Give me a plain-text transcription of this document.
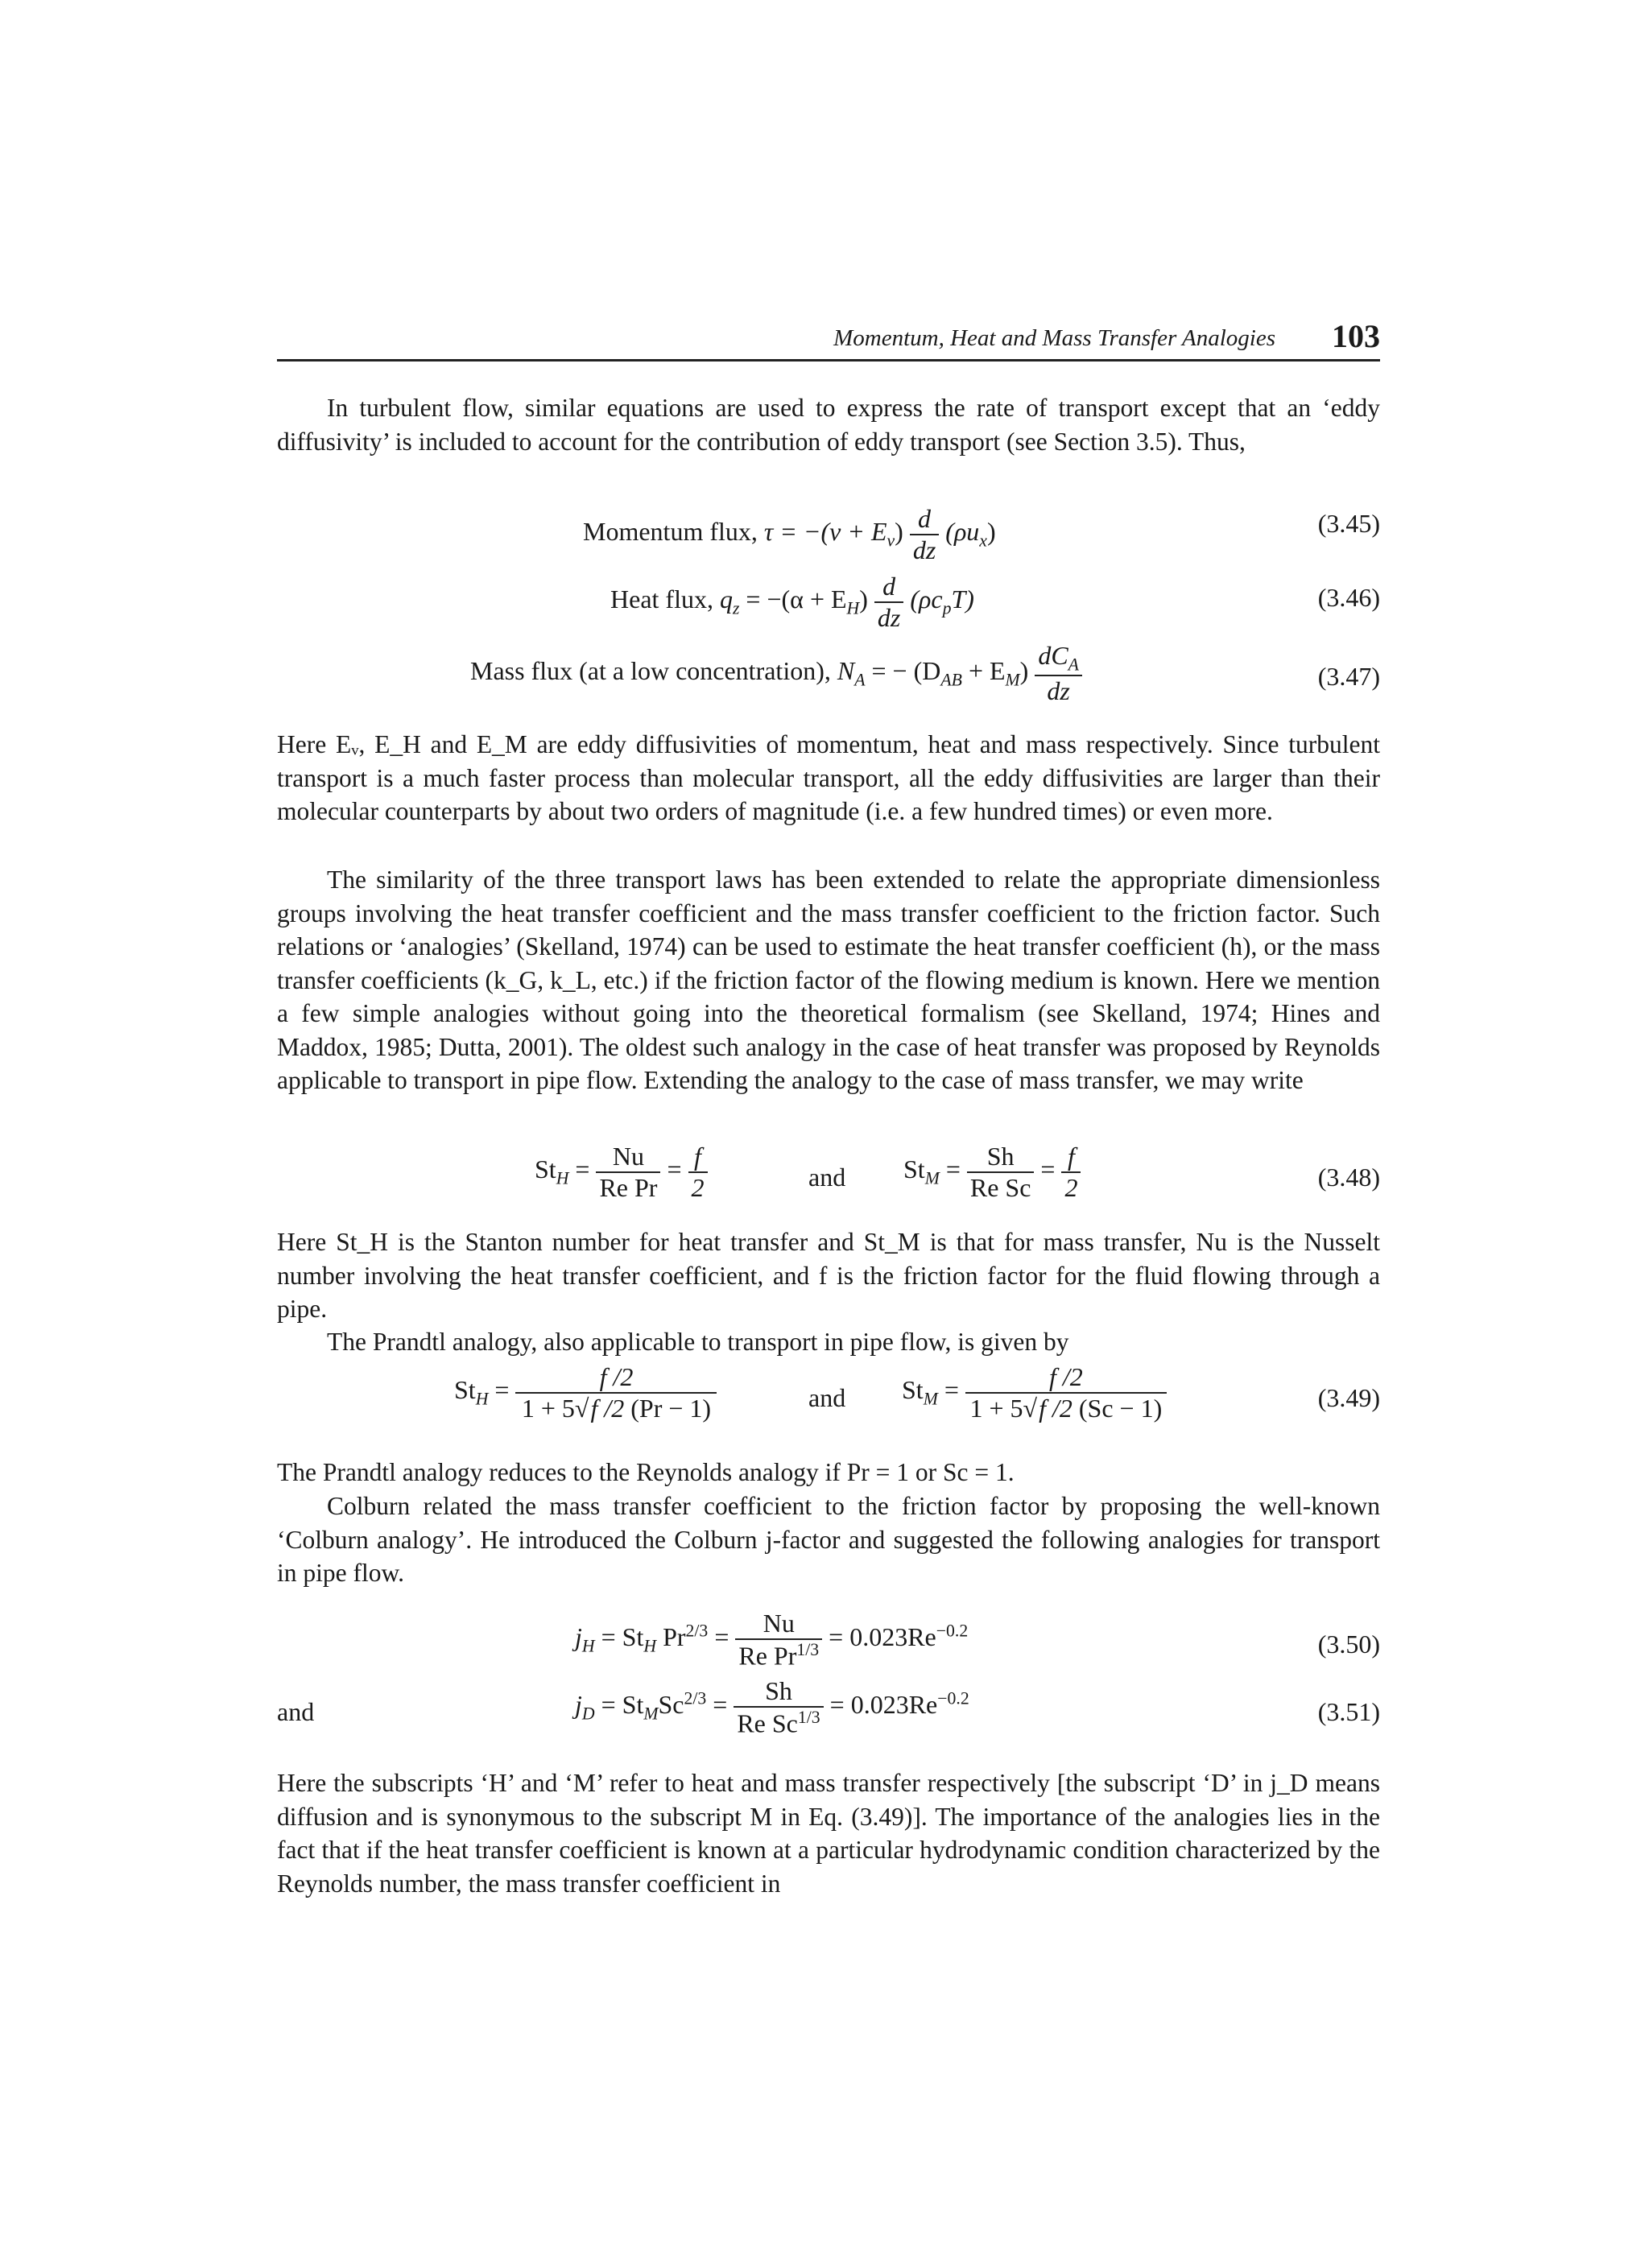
Momentum, Heat and Mass Transfer Analogies 103

In turbulent flow, similar equations are used to express the rate of transport except that an ‘eddy diffusivity’ is included to account for the contribution of eddy transport (see Section 3.5). Thus,

Momentum flux, $\tau = -(\nu + E_v) \frac{d}{dz} (\rho u_x)$	(3.45)
Heat flux, $q_z = -(\alpha + E_H) \frac{d}{dz} (\rho c_pT)$	(3.46)
Mass flux (at a low concentration), $N_A$ = − $(D_{AB} + E_M) \frac{dC_A}{dz}$	(3.47)

Here Eᵥ, E_H and E_M are eddy diffusivities of momentum, heat and mass respectively. Since turbulent transport is a much faster process than molecular transport, all the eddy diffusivities are larger than their molecular counterparts by about two orders of magnitude (i.e. a few hundred times) or even more.

The similarity of the three transport laws has been extended to relate the appropriate dimensionless groups involving the heat transfer coefficient and the mass transfer coefficient to the friction factor. Such relations or ‘analogies’ (Skelland, 1974) can be used to estimate the heat transfer coefficient (h), or the mass transfer coefficients (k_G, k_L, etc.) if the friction factor of the flowing medium is known. Here we mention a few simple analogies without going into the theoretical formalism (see Skelland, 1974; Hines and Maddox, 1985; Dutta, 2001). The oldest such analogy in the case of heat transfer was proposed by Reynolds applicable to transport in pipe flow. Extending the analogy to the case of mass transfer, we may write

$St_H = \frac{Nu}{\text{Re Pr}} = \frac{f}{2}$	and $St_M = \frac{Sh}{\text{Re Sc}} = \frac{f}{2}$	(3.48)

Here St_H is the Stanton number for heat transfer and St_M is that for mass transfer, Nu is the Nusselt number involving the heat transfer coefficient, and f is the friction factor for the fluid flowing through a pipe.

The Prandtl analogy, also applicable to transport in pipe flow, is given by

$St_H = \frac{f /2}{1 + 5√f /2 (Pr - 1)}$	and $St_M = \frac{f /2}{1 + 5√f /2 (Sc - 1)}$	(3.49)

The Prandtl analogy reduces to the Reynolds analogy if Pr = 1 or Sc = 1.

Colburn related the mass transfer coefficient to the friction factor by proposing the well-known ‘Colburn analogy’. He introduced the Colburn j-factor and suggested the following analogies for transport in pipe flow.

$j_H = St_H$ $Pr^{2/3} = \frac{Nu}{Re Pr^{1/3}} = 0.023Re^{-0.2}$	(3.50)
and	$j_D = St_MSc^{2/3} = \frac{Sh}{Re Sc^{1/3}} = 0.023Re^{-0.2}$	(3.51)

Here the subscripts ‘H’ and ‘M’ refer to heat and mass transfer respectively [the subscript ‘D’ in j_D means diffusion and is synonymous to the subscript M in Eq. (3.49)]. The importance of the analogies lies in the fact that if the heat transfer coefficient is known at a particular hydrodynamic condition characterized by the Reynolds number, the mass transfer coefficient in
